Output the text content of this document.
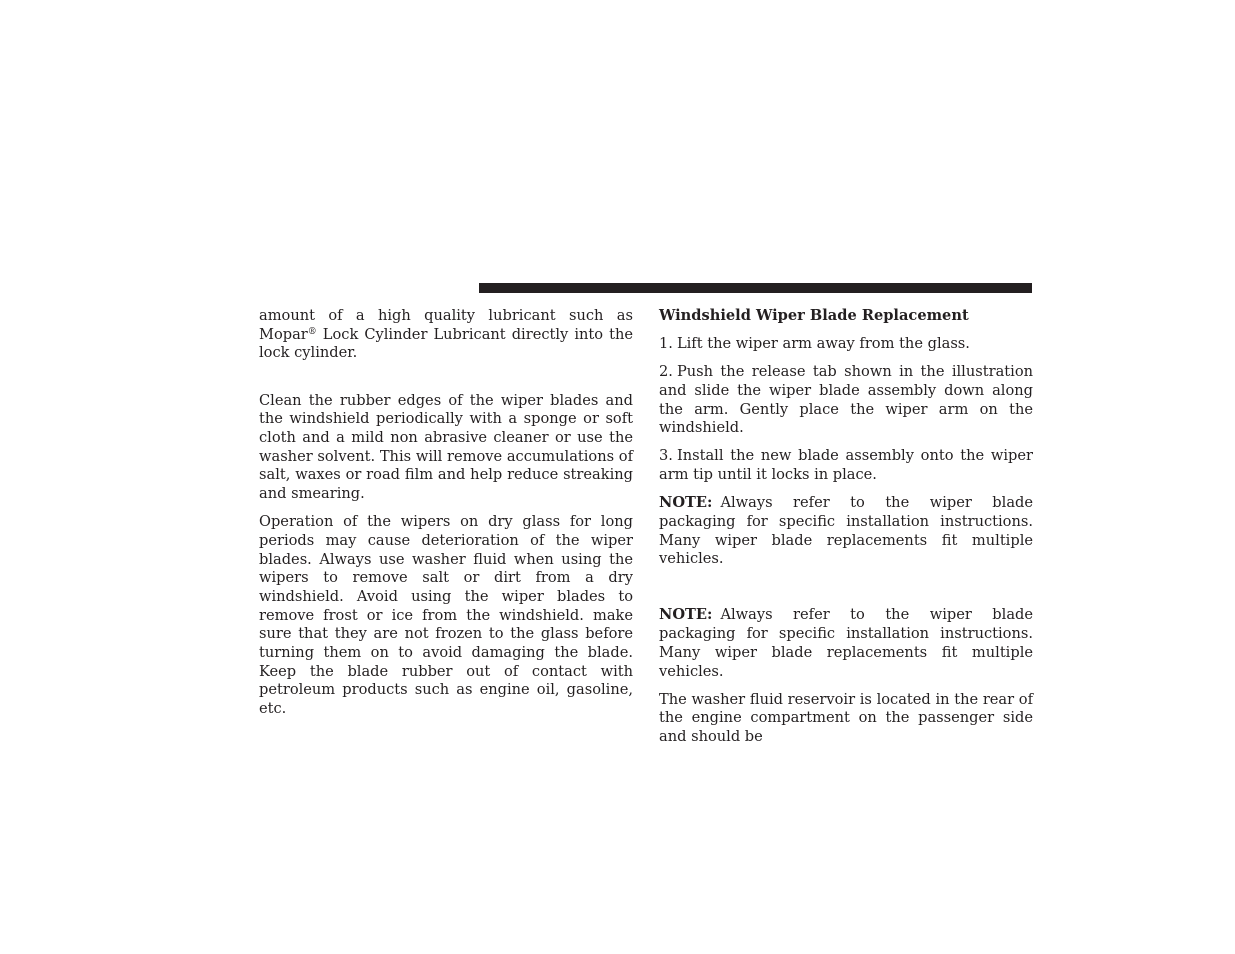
amount of a high quality lubricant such as Mopar® Lock Cylinder Lubricant directly into the lock cylinder.

Clean the rubber edges of the wiper blades and the windshield periodically with a sponge or soft cloth and a mild non abrasive cleaner or use the washer solvent. This will remove accumulations of salt, waxes or road film and help reduce streaking and smearing.

Operation of the wipers on dry glass for long periods may cause deterioration of the wiper blades. Always use washer fluid when using the wipers to remove salt or dirt from a dry windshield. Avoid using the wiper blades to remove frost or ice from the windshield. make sure that they are not frozen to the glass before turning them on to avoid damaging the blade. Keep the blade rubber out of contact with petroleum products such as engine oil, gasoline, etc.

Windshield Wiper Blade Replacement

1. Lift the wiper arm away from the glass.

2. Push the release tab shown in the illustration and slide the wiper blade assembly down along the arm. Gently place the wiper arm on the windshield.

3. Install the new blade assembly onto the wiper arm tip until it locks in place.

NOTE: Always refer to the wiper blade packaging for specific installation instructions. Many wiper blade replacements fit multiple vehicles.

NOTE: Always refer to the wiper blade packaging for specific installation instructions. Many wiper blade replacements fit multiple vehicles.

The washer fluid reservoir is located in the rear of the engine compartment on the passenger side and should be
